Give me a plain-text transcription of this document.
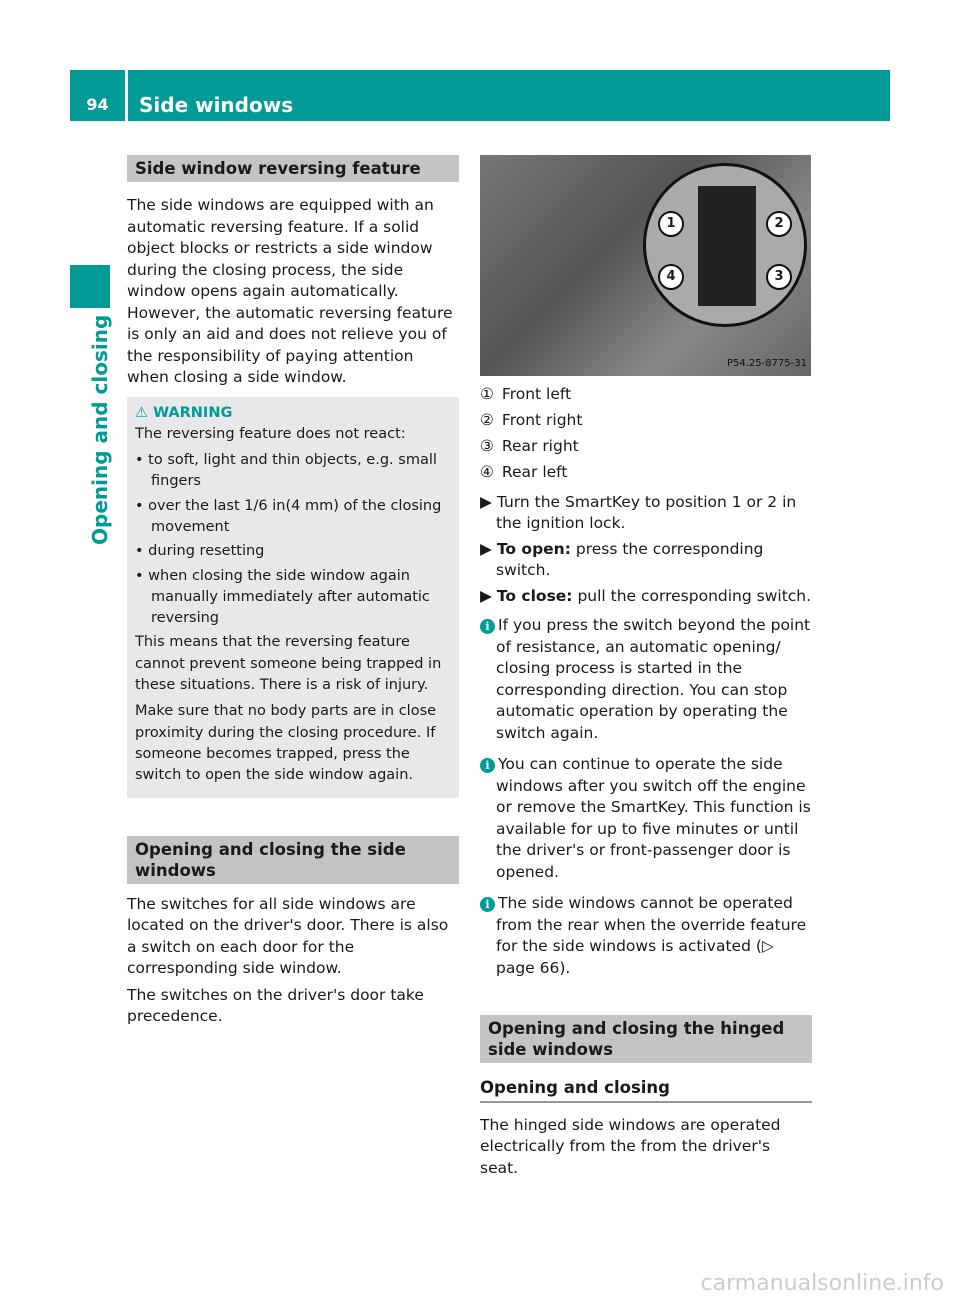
94	Side windows
Opening and closing
Side window reversing feature

The side windows are equipped with an automatic reversing feature. If a solid object blocks or restricts a side window during the closing process, the side window opens again automatically. However, the automatic reversing feature is only an aid and does not relieve you of the responsibility of paying attention when closing a side window.

⚠ WARNING

The reversing feature does not react:

• to soft, light and thin objects, e.g. small fingers
• over the last 1/6 in(4 mm) of the closing movement
• during resetting
• when closing the side window again manually immediately after automatic reversing

This means that the reversing feature cannot prevent someone being trapped in these situations. There is a risk of injury.

Make sure that no body parts are in close proximity during the closing procedure. If someone becomes trapped, press the switch to open the side window again.

Opening and closing the side windows

The switches for all side windows are located on the driver's door. There is also a switch on each door for the corresponding side window.

The switches on the driver's door take precedence.

1	2
3
4
P54.25-8775-31
① Front left
② Front right
③ Rear right
④ Rear left
▶ Turn the SmartKey to position 1 or 2 in the ignition lock.
▶ To open: press the corresponding switch.
▶ To close: pull the corresponding switch.
i If you press the switch beyond the point of resistance, an automatic opening/ closing process is started in the corresponding direction. You can stop automatic operation by operating the switch again.
i You can continue to operate the side windows after you switch off the engine or remove the SmartKey. This function is available for up to five minutes or until the driver's or front-passenger door is opened.
i The side windows cannot be operated from the rear when the override feature for the side windows is activated (▷ page 66).
Opening and closing the hinged side windows
Opening and closing

The hinged side windows are operated electrically from the from the driver's seat.

carmanualsonline.info
